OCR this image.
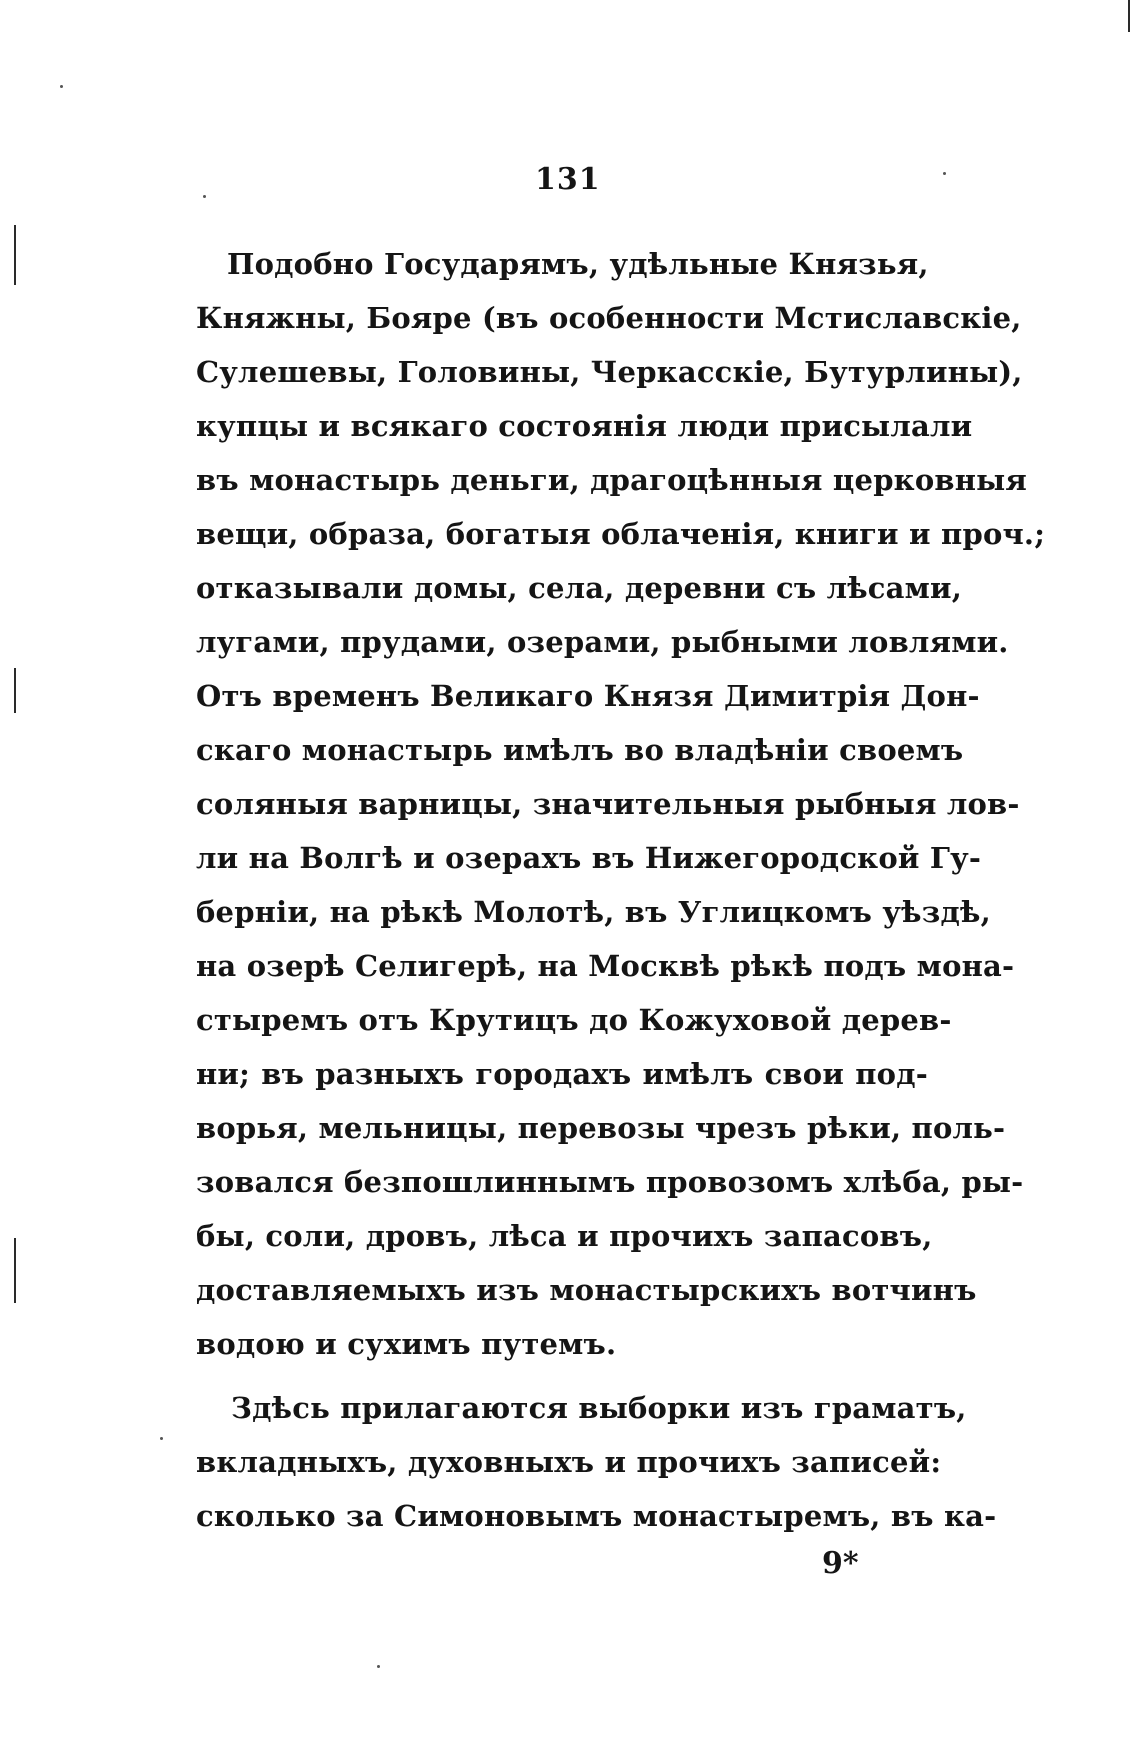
131

Подобно Государямъ, удѣльные Князья,

Княжны, Бояре (въ особенности Мстиславскіе,

Сулешевы, Головины, Черкасскіе, Бутурлины),

купцы и всякаго состоянія люди присылали

въ монастырь деньги, драгоцѣнныя церковныя

вещи, образа, богатыя облаченія, книги и проч.;

отказывали домы, села, деревни съ лѣсами,

лугами, прудами, озерами, рыбными ловлями.

Отъ временъ Великаго Князя Димитрія Дон-

скаго монастырь имѣлъ во владѣніи своемъ

соляныя варницы, значительныя рыбныя лов-

ли на Волгѣ и озерахъ въ Нижегородской Гу-

берніи, на рѣкѣ Молотѣ, въ Углицкомъ уѣздѣ,

на озерѣ Селигерѣ, на Москвѣ рѣкѣ подъ мона-

стыремъ отъ Крутицъ до Кожуховой дерев-

ни; въ разныхъ городахъ имѣлъ свои под-

ворья, мельницы, перевозы чрезъ рѣки, поль-

зовался безпошлиннымъ провозомъ хлѣба, ры-

бы, соли, дровъ, лѣса и прочихъ запасовъ,

доставляемыхъ изъ монастырскихъ вотчинъ

водою и сухимъ путемъ.

Здѣсь прилагаются выборки изъ граматъ,

вкладныхъ, духовныхъ и прочихъ записей:

сколько за Симоновымъ монастыремъ, въ ка-

9*
